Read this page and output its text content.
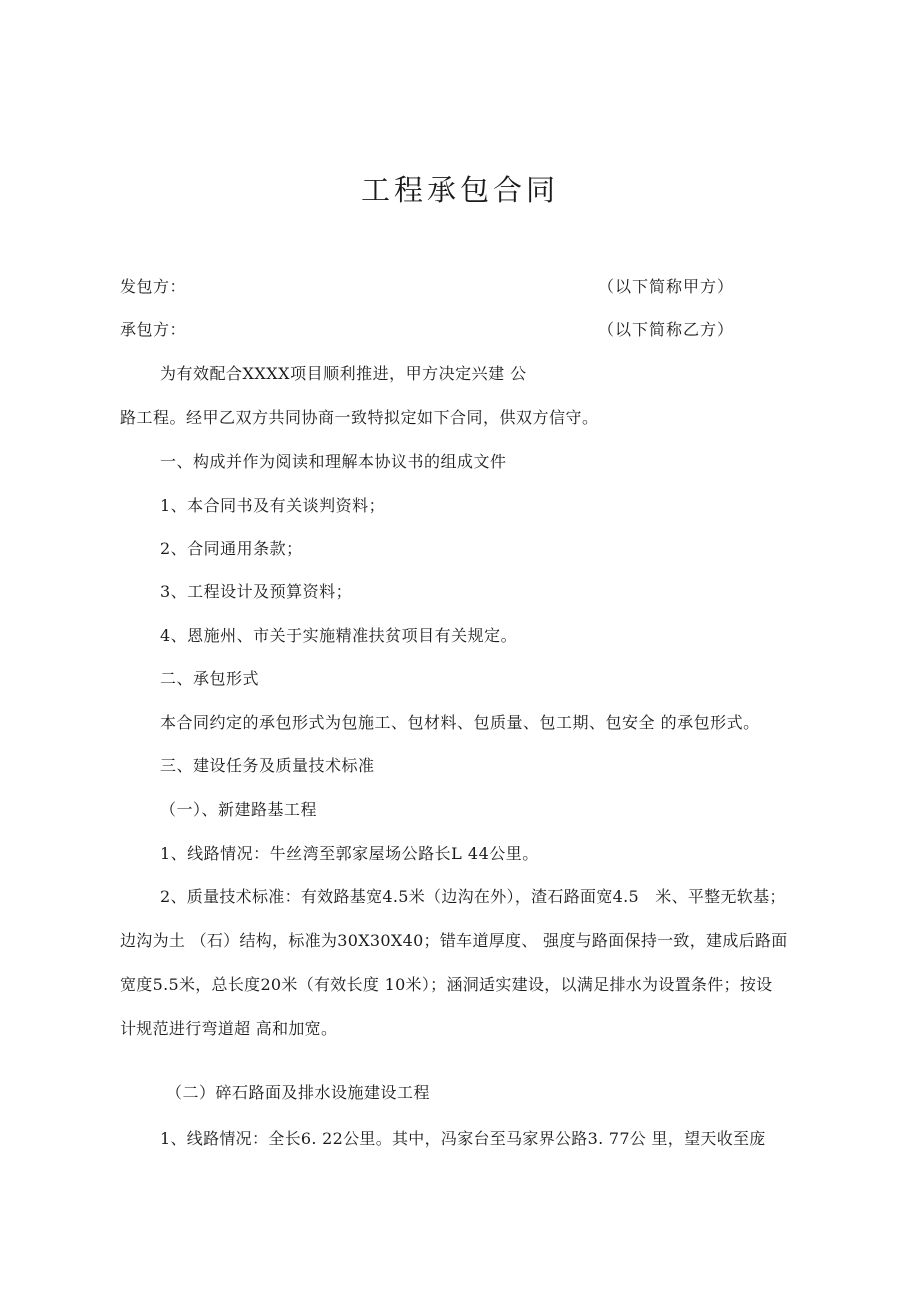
工程承包合同
发包方：	（以下简称甲方）
承包方：	（以下简称乙方）
为有效配合XXXX项目顺利推进，甲方决定兴建 公
路工程。经甲乙双方共同协商一致特拟定如下合同，供双方信守。
一、构成并作为阅读和理解本协议书的组成文件
1、本合同书及有关谈判资料；
2、合同通用条款；
3、工程设计及预算资料；
4、恩施州、市关于实施精准扶贫项目有关规定。
二、承包形式
本合同约定的承包形式为包施工、包材料、包质量、包工期、包安全 的承包形式。
三、建设任务及质量技术标准
（一）、新建路基工程
1、线路情况：牛丝湾至郭家屋场公路长L 44公里。
2、质量技术标准：有效路基宽4.5米（边沟在外），渣石路面宽4.5　米、平整无软基；
边沟为土 （石）结构，标准为30X30X40；错车道厚度、 强度与路面保持一致，建成后路面
宽度5.5米，总长度20米（有效长度 10米）；涵洞适实建设，以满足排水为设置条件；按设
计规范进行弯道超 高和加宽。
（二）碎石路面及排水设施建设工程
1、线路情况：全长6. 22公里。其中，冯家台至马家界公路3. 77公 里，望天收至庞
